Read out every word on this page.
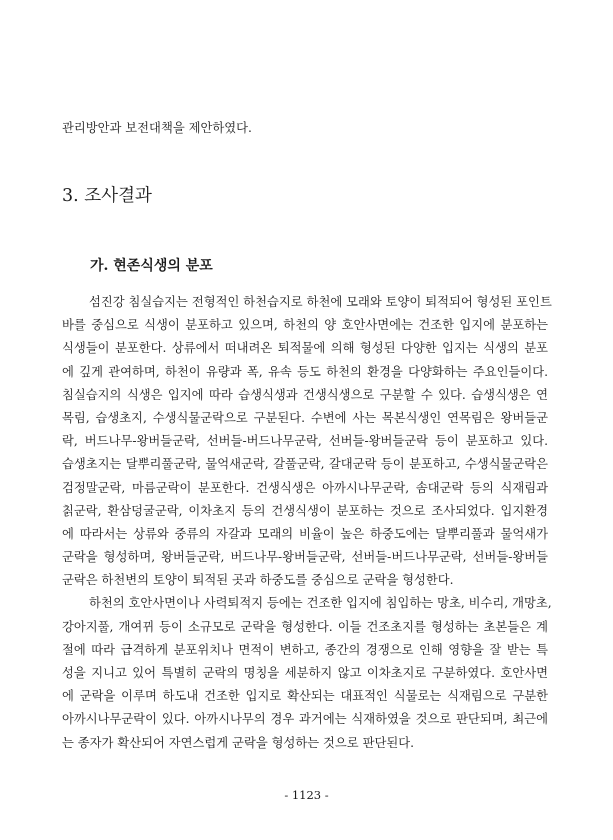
관리방안과 보전대책을 제안하였다.
3. 조사결과
가. 현존식생의 분포
섬진강 침실습지는 전형적인 하천습지로 하천에 모래와 토양이 퇴적되어 형성된 포인트
바를 중심으로 식생이 분포하고 있으며, 하천의 양 호안사면에는 건조한 입지에 분포하는
식생들이 분포한다. 상류에서 떠내려온 퇴적물에 의해 형성된 다양한 입지는 식생의 분포
에 깊게 관여하며, 하천이 유량과 폭, 유속 등도 하천의 환경을 다양화하는 주요인들이다.
침실습지의 식생은 입지에 따라 습생식생과 건생식생으로 구분할 수 있다. 습생식생은 연
목림, 습생초지, 수생식물군락으로 구분된다. 수변에 사는 목본식생인 연목림은 왕버들군
락, 버드나무-왕버들군락, 선버들-버드나무군락, 선버들-왕버들군락 등이 분포하고 있다.
습생초지는 달뿌리풀군락, 물억새군락, 갈풀군락, 갈대군락 등이 분포하고, 수생식물군락은
검정말군락, 마름군락이 분포한다. 건생식생은 아까시나무군락, 솜대군락 등의 식재림과
칡군락, 환삼덩굴군락, 이차초지 등의 건생식생이 분포하는 것으로 조사되었다. 입지환경
에 따라서는 상류와 중류의 자갈과 모래의 비율이 높은 하중도에는 달뿌리풀과 물억새가
군락을 형성하며, 왕버들군락, 버드나무-왕버들군락, 선버들-버드나무군락, 선버들-왕버들
군락은 하천변의 토양이 퇴적된 곳과 하중도를 중심으로 군락을 형성한다.
하천의 호안사면이나 사력퇴적지 등에는 건조한 입지에 침입하는 망초, 비수리, 개망초,
강아지풀, 개여뀌 등이 소규모로 군락을 형성한다. 이들 건조초지를 형성하는 초본들은 계
절에 따라 급격하게 분포위치나 면적이 변하고, 종간의 경쟁으로 인해 영향을 잘 받는 특
성을 지니고 있어 특별히 군락의 명칭을 세분하지 않고 이차초지로 구분하였다. 호안사면
에 군락을 이루며 하도내 건조한 입지로 확산되는 대표적인 식물로는 식재림으로 구분한
아까시나무군락이 있다. 아까시나무의 경우 과거에는 식재하였을 것으로 판단되며, 최근에
는 종자가 확산되어 자연스럽게 군락을 형성하는 것으로 판단된다.
- 1123 -
